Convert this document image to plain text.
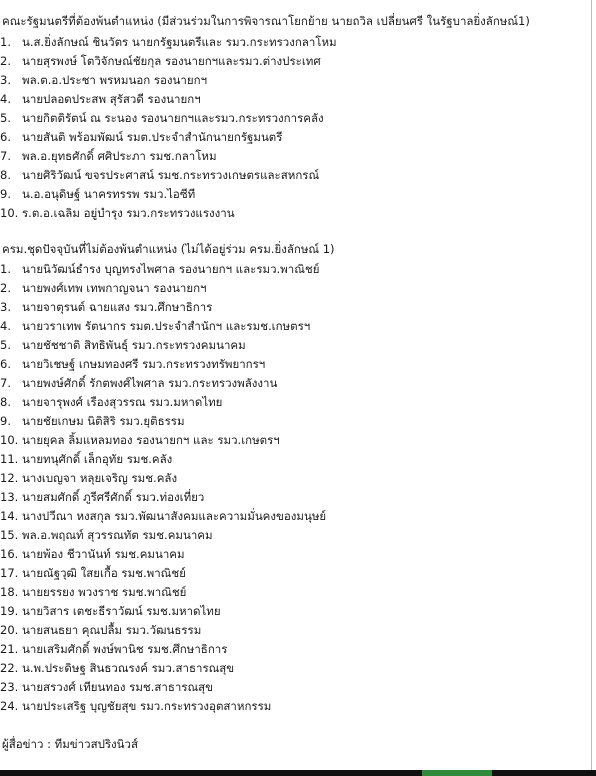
คณะรัฐมนตรีที่ต้องพ้นตำแหน่ง (มีส่วนร่วมในการพิจารณาโยกย้าย นายถวิล เปลี่ยนศรี ในรัฐบาลยิ่งลักษณ์1)
1. น.ส.ยิ่งลักษณ์ ชินวัตร นายกรัฐมนตรีและ รมว.กระทรวงกลาโหม
2. นายสุรพงษ์ โตวิจักษณ์ชัยกุล รองนายกฯและรมว.ต่างประเทศ
3. พล.ต.อ.ประชา พรหมนอก รองนายกฯ
4. นายปลอดประสพ สุรัสวดี รองนายกฯ
5. นายกิตติรัตน์ ณ ระนอง รองนายกฯและรมว.กระทรวงการคลัง
6. นายสันติ พร้อมพัฒน์ รมต.ประจำสำนักนายกรัฐมนตรี
7. พล.อ.ยุทธศักดิ์ ศศิประภา รมช.กลาโหม
8. นายศิริวัฒน์ ขจรประศาสน์ รมช.กระทรวงเกษตรและสหกรณ์
9. น.อ.อนุดิษฐ์ นาครทรรพ รมว.ไอซีที
10. ร.ต.อ.เฉลิม อยู่บำรุง รมว.กระทรวงแรงงาน
ครม.ชุดปัจจุบันที่ไม่ต้องพ้นตำแหน่ง (ไม่ได้อยู่ร่วม ครม.ยิ่งลักษณ์ 1)
1. นายนิวัฒน์ธำรง บุญทรงไพศาล รองนายกฯ และรมว.พาณิชย์
2. นายพงศ์เทพ เทพกาญจนา รองนายกฯ
3. นายจาตุรนต์ ฉายแสง รมว.ศึกษาธิการ
4. นายวราเทพ รัตนากร รมต.ประจำสำนักฯ และรมช.เกษตรฯ
5. นายชัชชาติ สิทธิพันธุ์ รมว.กระทรวงคมนาคม
6. นายวิเชษฐ์ เกษมทองศรี รมว.กระทรวงทรัพยากรฯ
7. นายพงษ์ศักดิ์ รักตพงศ์ไพศาล รมว.กระทรวงพลังงาน
8. นายจารุพงศ์ เรืองสุวรรณ รมว.มหาดไทย
9. นายชัยเกษม นิติสิริ รมว.ยุติธรรม
10. นายยุคล ลิ้มแหลมทอง รองนายกฯ และ รมว.เกษตรฯ
11. นายทนุศักดิ์ เล็กอุทัย รมช.คลัง
12. นางเบญจา หลุยเจริญ รมช.คลัง
13. นายสมศักดิ์ ภูรีศรีศักดิ์ รมว.ท่องเที่ยว
14. นางปวีณา หงสกุล รมว.พัฒนาสังคมและความมั่นคงของมนุษย์
15. พล.อ.พฤณท์ สุวรรณทัต รมช.คมนาคม
16. นายพ้อง ชีวานันท์ รมช.คมนาคม
17. นายณัฐวุฒิ ใสยเกื้อ รมช.พาณิชย์
18. นายยรรยง พวงราช รมช.พาณิชย์
19. นายวิสาร เตชะธีราวัฒน์ รมช.มหาดไทย
20. นายสนธยา คุณปลื้ม รมว.วัฒนธรรม
21. นายเสริมศักดิ์ พงษ์พานิช รมช.ศึกษาธิการ
22. น.พ.ประดิษฐ สินธวณรงค์ รมว.สาธารณสุข
23. นายสรวงศ์ เทียนทอง รมช.สาธารณสุข
24. นายประเสริฐ บุญชัยสุข รมว.กระทรวงอุตสาหกรรม
ผู้สื่อข่าว : ทีมข่าวสปริงนิวส์
